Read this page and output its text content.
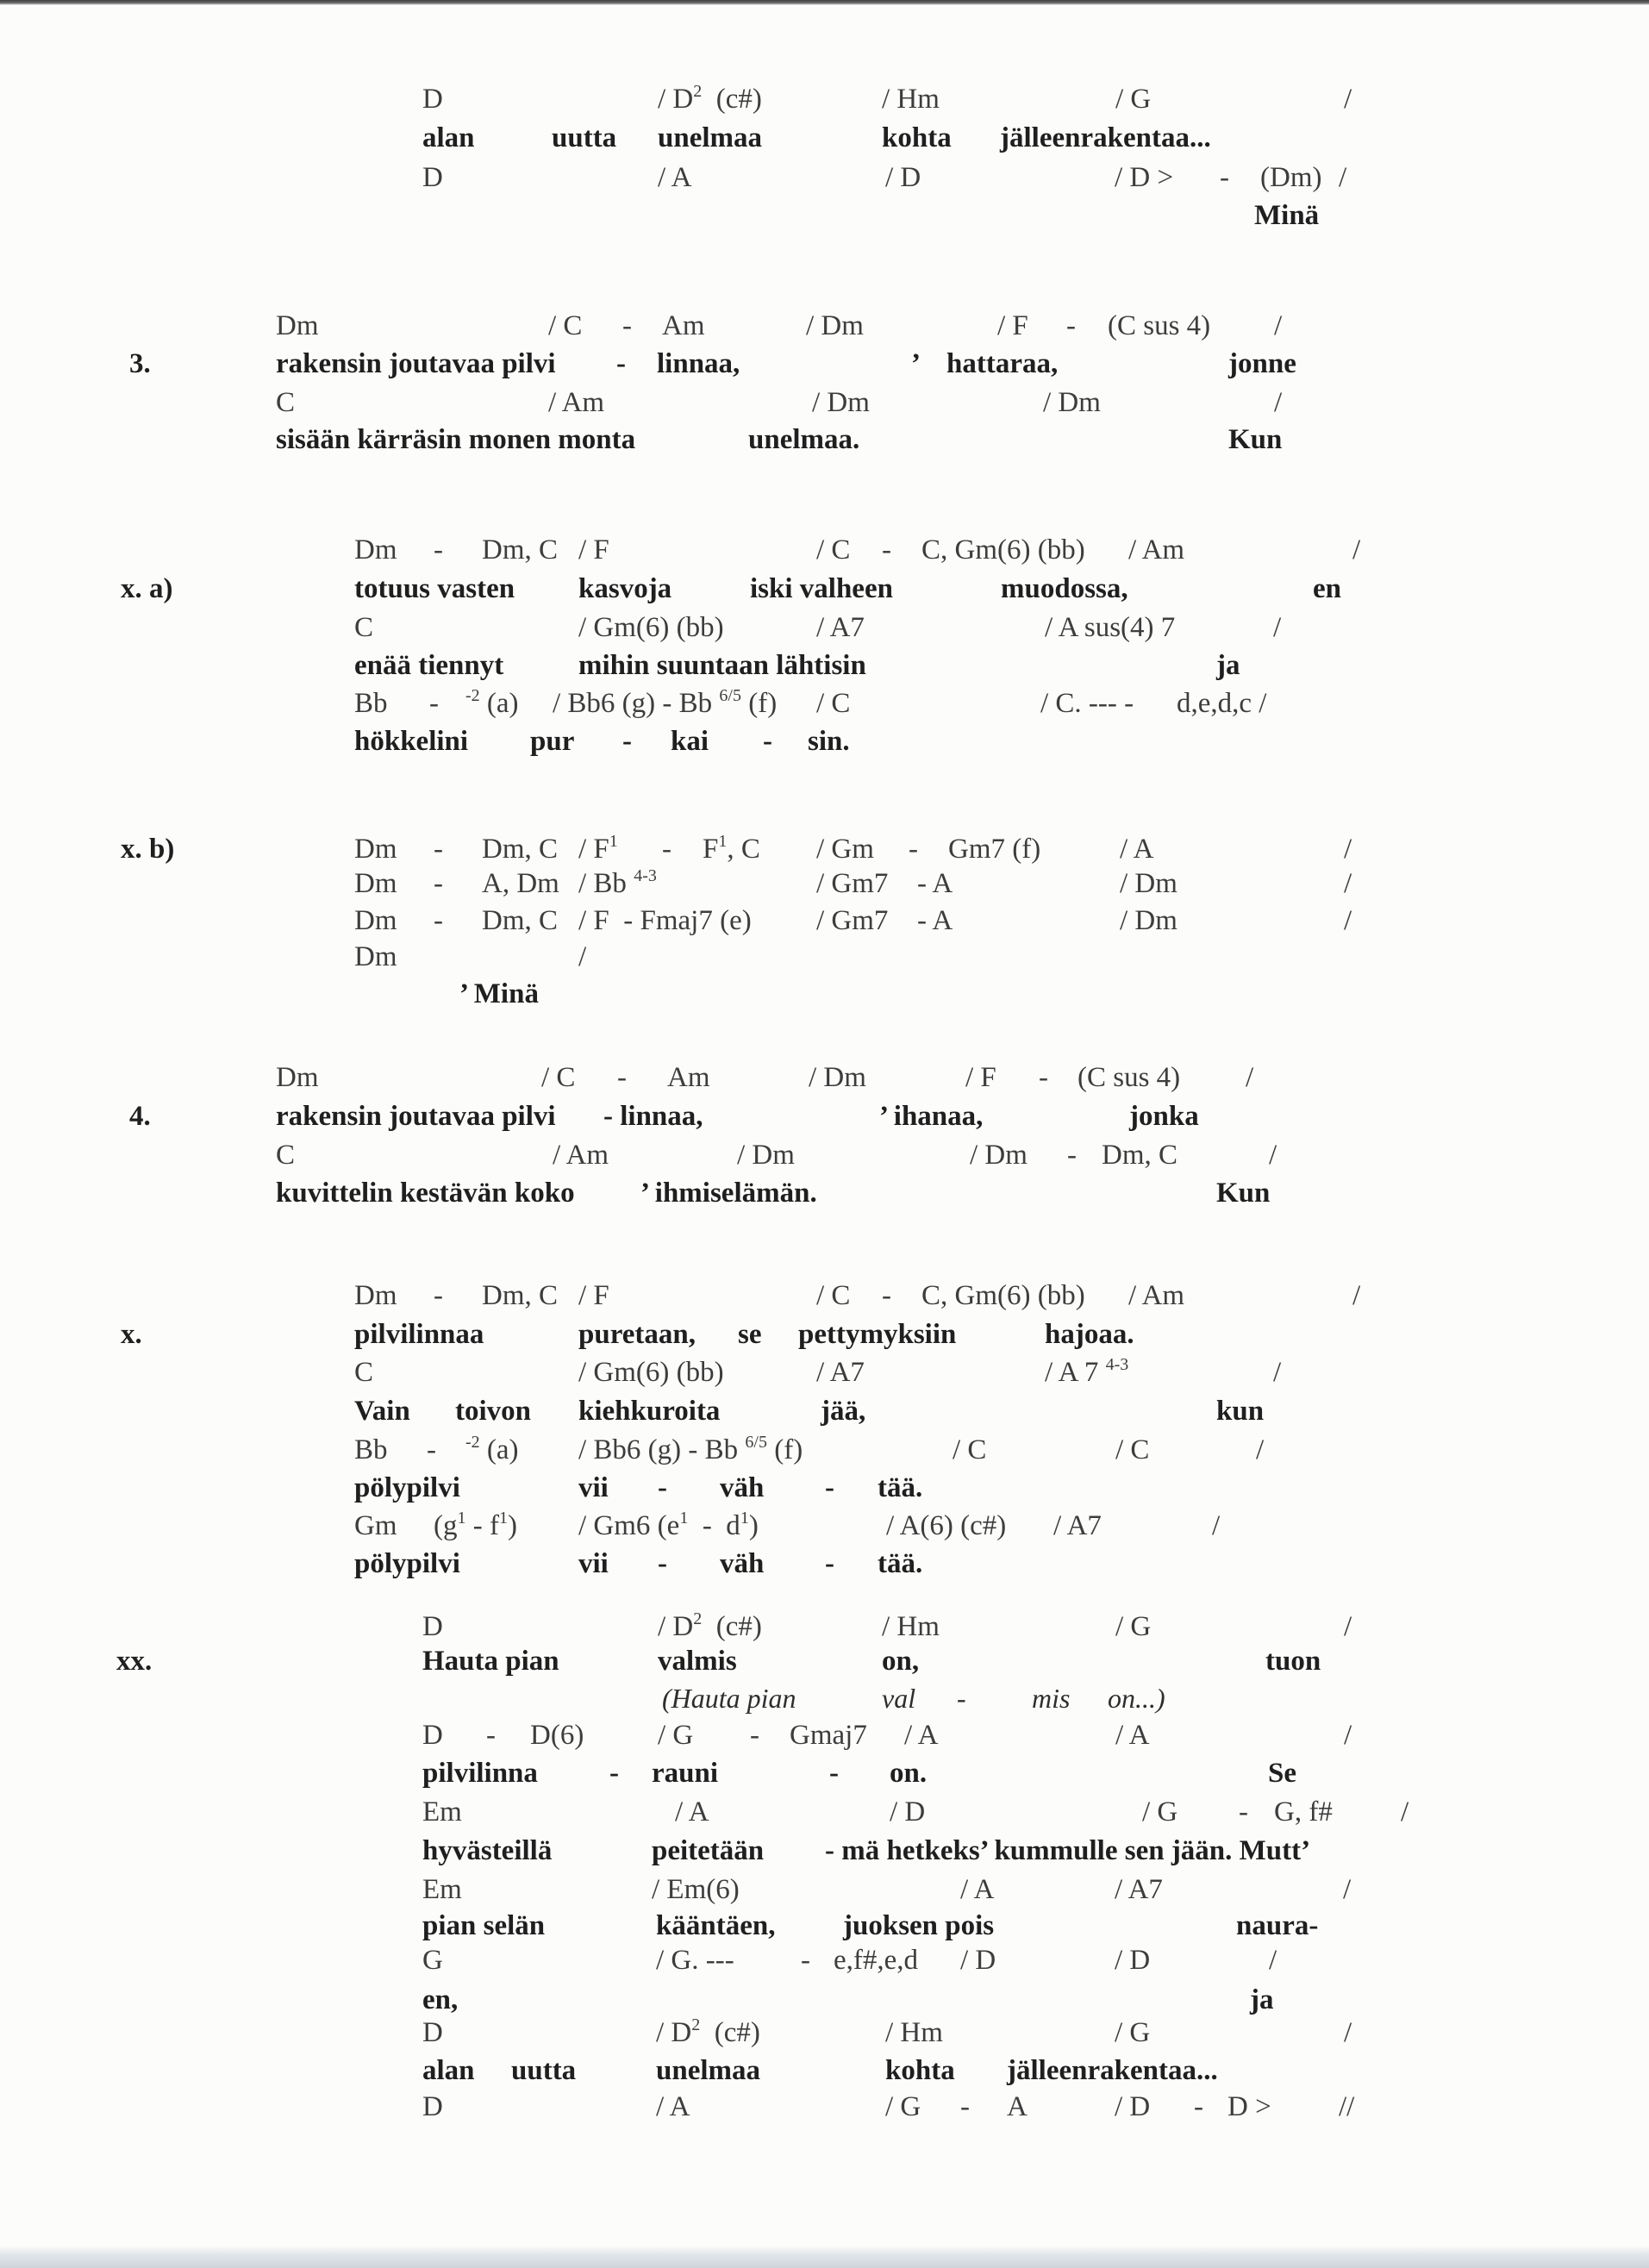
D	/ $D^2$  (c#)	/ Hm	/ G	/
alan	uutta unelmaa	kohta jälleenrakentaa...
D	/ A	/ D	/ D > - (Dm) /
Minä
3.
Dm	/ C - Am	/ Dm	/ F - (C sus 4) /
rakensin joutavaa pilvi - linnaa,	’ hattaraa,	jonne
C	/ Am	/ Dm	/ Dm	/
sisään kärräsin monen monta	unelmaa.	Kun
x. a)
Dm - Dm, C / F	/ C - C, Gm(6) (bb) / Am	/
totuus vasten kasvoja	iski valheen	muodossa,	en
C	/ Gm(6) (bb)	/ A7	/ A sus(4) 7	/
enää tiennyt	mihin suuntaan lähtisin	ja
Bb - $^{-2}$ (a) / Bb6 (g) - Bb $^{6/5}$ (f) / C	/ C. --- - d,e,d,c /
hökkelini pur - kai - sin.
x. b)	Dm - Dm, C / $F^1 - F^1$, C / Gm - Gm7 (f)	/ A	/
Dm - A, Dm / Bb $^{4-3}$	/ Gm7 - A	/ Dm	/
Dm - Dm, C / F  - Fmaj7 (e) / Gm7 - A	/ Dm	/
Dm	/
’ Minä
4.
Dm	/ C - Am	/ Dm	/ F - (C sus 4) /
rakensin joutavaa pilvi - linnaa,	’ ihanaa,	jonka
C	/ Am	/ Dm	/ Dm - Dm, C	/
kuvittelin kestävän koko ’ ihmiselämän.	Kun
x.
Dm - Dm, C / F	/ C - C, Gm(6) (bb) / Am	/
pilvilinnaa	puretaan, se pettymyksiin	hajoaa.
C	/ Gm(6) (bb)	/ A7	/ A 7 $^{4-3}$	/
Vain toivon kiehkuroita	jää,	kun
Bb - $^{-2}$ (a) / Bb6 (g) - Bb $^{6/5}$ (f)	/ C	/ C	/
pölypilvi	vii - väh - tää.
Gm $(g^1 - f^1) / Gm6$ $(e^1 - d^1)$	/ A(6) (c#) / A7	/
pölypilvi	vii - väh - tää.
xx.
D	/ $D^2$  (c#)	/ Hm	/ G	/
Hauta pian	valmis	on,	tuon
(Hauta pian	val - mis on...)
D - D(6)	/ G - Gmaj7 / A	/ A	/
pilvilinna	- rauni	- on.	Se
Em	/ A	/ D	/ G - G, f# /
hyvästeillä	peitetään - mä hetkeks’ kummulle sen jään. Mutt’
Em	/ Em(6)	/ A	/ A7	/
pian selän	kääntäen, juoksen pois	naura-
G	/ G. --- - e,f#,e,d / D	/ D	/
en,	ja
D	/ $D^2$  (c#)	/ Hm	/ G	/
alan uutta	unelmaa	kohta jälleenrakentaa...
D	/ A	/ G - A	/ D - D > //
